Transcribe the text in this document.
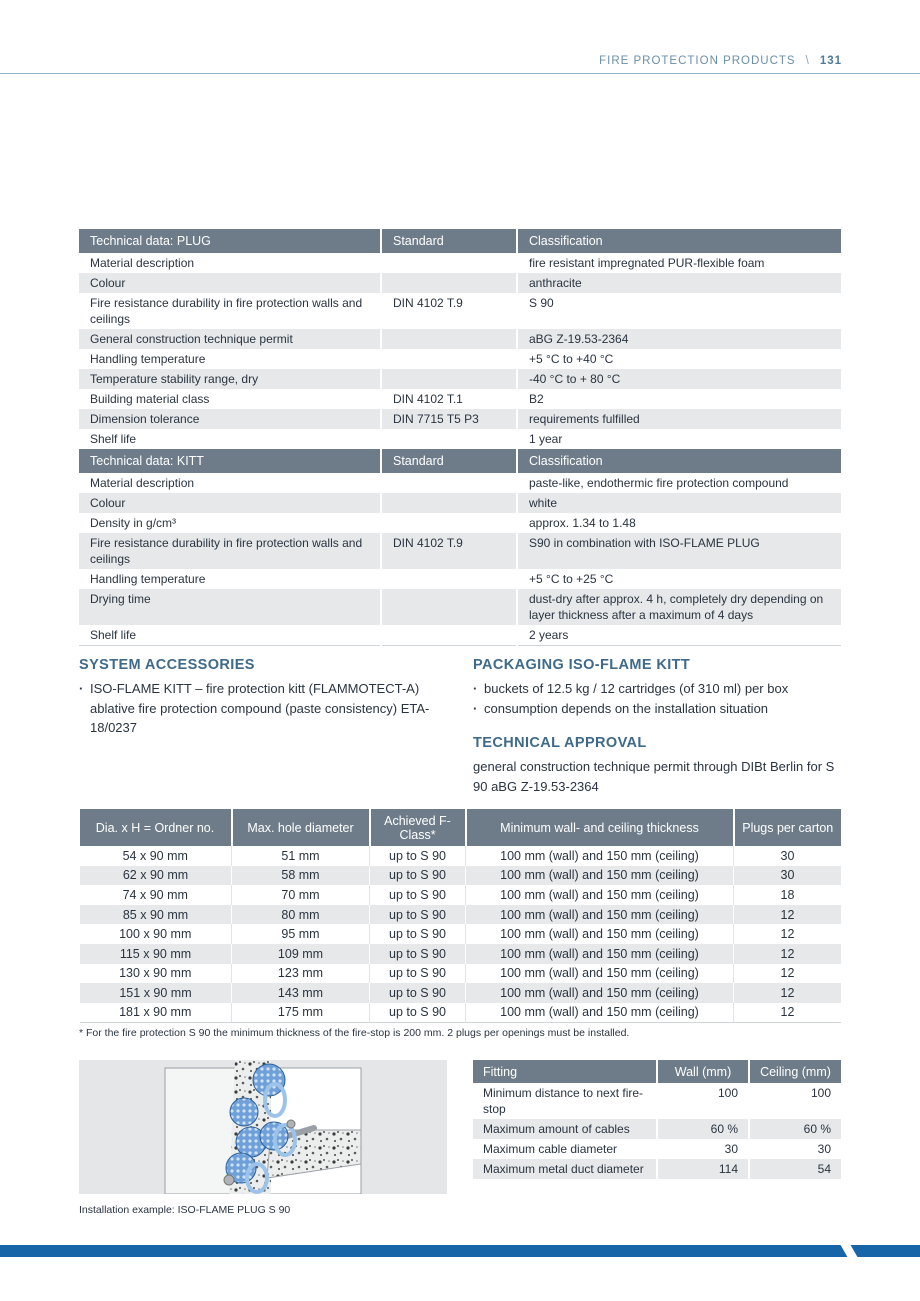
FIRE PROTECTION PRODUCTS \ 131
Technical data: PLUG	Standard	Classification
Material description		fire resistant impregnated PUR-flexible foam
Colour		anthracite
Fire resistance durability in fire protection walls and ceilings	DIN 4102 T.9	S 90
General construction technique permit		aBG Z-19.53-2364
Handling temperature		+5 °C to +40 °C
Temperature stability range, dry		-40 °C to + 80 °C
Building material class	DIN 4102 T.1	B2
Dimension tolerance	DIN 7715 T5 P3	requirements fulfilled
Shelf life		1 year
Technical data: KITT	Standard	Classification
Material description		paste-like, endothermic fire protection compound
Colour		white
Density in g/cm³		approx. 1.34 to 1.48
Fire resistance durability in fire protection walls and ceilings	DIN 4102 T.9	S90 in combination with ISO-FLAME PLUG
Handling temperature		+5 °C to +25 °C
Drying time		dust-dry after approx. 4 h, completely dry depending on layer thickness after a maximum of 4 days
Shelf life		2 years
SYSTEM ACCESSORIES
· ISO-FLAME KITT – fire protection kitt (FLAMMOTECT-A) ablative fire protection compound (paste consistency) ETA-18/0237
PACKAGING ISO-FLAME KITT
· buckets of 12.5 kg / 12 cartridges (of 310 ml) per box
· consumption depends on the installation situation
TECHNICAL APPROVAL

general construction technique permit through DIBt Berlin for S 90 aBG Z-19.53-2364

Dia. x H = Ordner no.	Max. hole diameter	Achieved F-Class*	Minimum wall- and ceiling thickness	Plugs per carton
54 x 90 mm	51 mm	up to S 90	100 mm (wall) and 150 mm (ceiling)	30
62 x 90 mm	58 mm	up to S 90	100 mm (wall) and 150 mm (ceiling)	30
74 x 90 mm	70 mm	up to S 90	100 mm (wall) and 150 mm (ceiling)	18
85 x 90 mm	80 mm	up to S 90	100 mm (wall) and 150 mm (ceiling)	12
100 x 90 mm	95 mm	up to S 90	100 mm (wall) and 150 mm (ceiling)	12
115 x 90 mm	109 mm	up to S 90	100 mm (wall) and 150 mm (ceiling)	12
130 x 90 mm	123 mm	up to S 90	100 mm (wall) and 150 mm (ceiling)	12
151 x 90 mm	143 mm	up to S 90	100 mm (wall) and 150 mm (ceiling)	12
181 x 90 mm	175 mm	up to S 90	100 mm (wall) and 150 mm (ceiling)	12
* For the fire protection S 90 the minimum thickness of the fire-stop is 200 mm. 2 plugs per openings must be installed.
Installation example: ISO-FLAME PLUG S 90
Fitting	Wall (mm)	Ceiling (mm)
Minimum distance to next fire-stop	100	100
Maximum amount of cables	60 %	60 %
Maximum cable diameter	30	30
Maximum metal duct diameter	114	54
